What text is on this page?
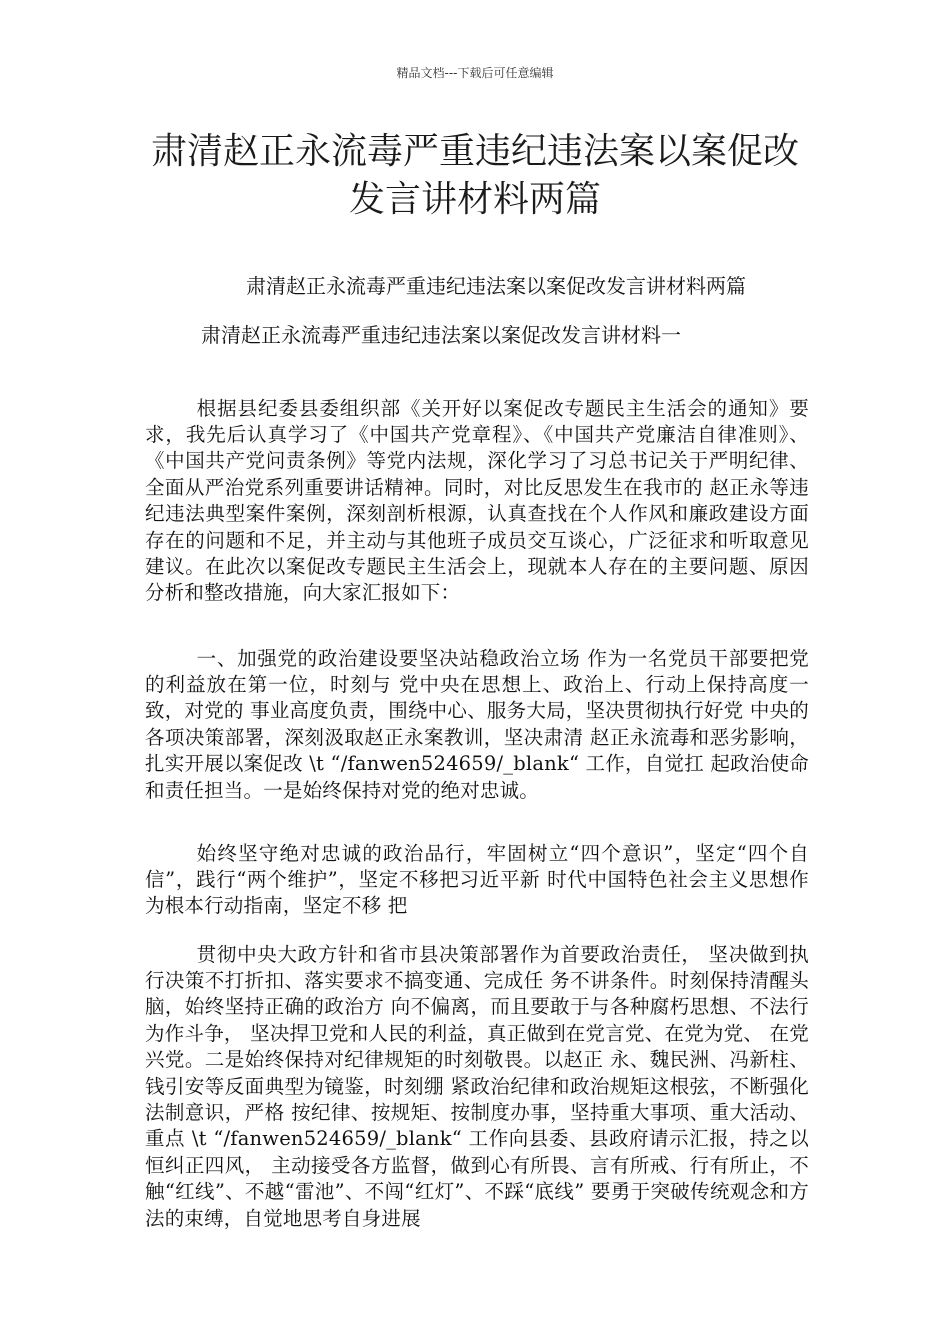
精品文档---下载后可任意编辑
肃清赵正永流毒严重违纪违法案以案促改
发言讲材料两篇
肃清赵正永流毒严重违纪违法案以案促改发言讲材料两篇
肃清赵正永流毒严重违纪违法案以案促改发言讲材料一

根据县纪委县委组织部《关开好以案促改专题民主生活会的通知》要求，我先后认真学习了《中国共产党章程》、《中国共产党廉洁自律准则》、《中国共产党问责条例》等党内法规，深化学习了习总书记关于严明纪律、全面从严治党系列重要讲话精神。同时，对比反思发生在我市的 赵正永等违纪违法典型案件案例，深刻剖析根源，认真查找在个人作风和廉政建设方面存在的问题和不足，并主动与其他班子成员交互谈心，广泛征求和听取意见建议。在此次以案促改专题民主生活会上，现就本人存在的主要问题、原因分析和整改措施，向大家汇报如下：

一、加强党的政治建设要坚决站稳政治立场 作为一名党员干部要把党的利益放在第一位，时刻与 党中央在思想上、政治上、行动上保持高度一致，对党的 事业高度负责，围绕中心、服务大局，坚决贯彻执行好党 中央的各项决策部署，深刻汲取赵正永案教训，坚决肃清 赵正永流毒和恶劣影响，扎实开展以案促改 \t “/fanwen524659/_blank“ 工作，自觉扛 起政治使命和责任担当。一是始终保持对党的绝对忠诚。

始终坚守绝对忠诚的政治品行，牢固树立“四个意识”，坚定“四个自信”，践行“两个维护”，坚定不移把习近平新 时代中国特色社会主义思想作为根本行动指南，坚定不移 把

贯彻中央大政方针和省市县决策部署作为首要政治责任， 坚决做到执行决策不打折扣、落实要求不搞变通、完成任 务不讲条件。时刻保持清醒头脑，始终坚持正确的政治方 向不偏离，而且要敢于与各种腐朽思想、不法行为作斗争， 坚决捍卫党和人民的利益，真正做到在党言党、在党为党、 在党兴党。二是始终保持对纪律规矩的时刻敬畏。以赵正 永、魏民洲、冯新柱、钱引安等反面典型为镜鉴，时刻绷 紧政治纪律和政治规矩这根弦，不断强化法制意识，严格 按纪律、按规矩、按制度办事，坚持重大事项、重大活动、 重点 \t “/fanwen524659/_blank“ 工作向县委、县政府请示汇报，持之以恒纠正四风， 主动接受各方监督，做到心有所畏、言有所戒、行有所止，不触“红线”、不越“雷池”、不闯“红灯”、不踩“底线” 要勇于突破传统观念和方法的束缚，自觉地思考自身进展
